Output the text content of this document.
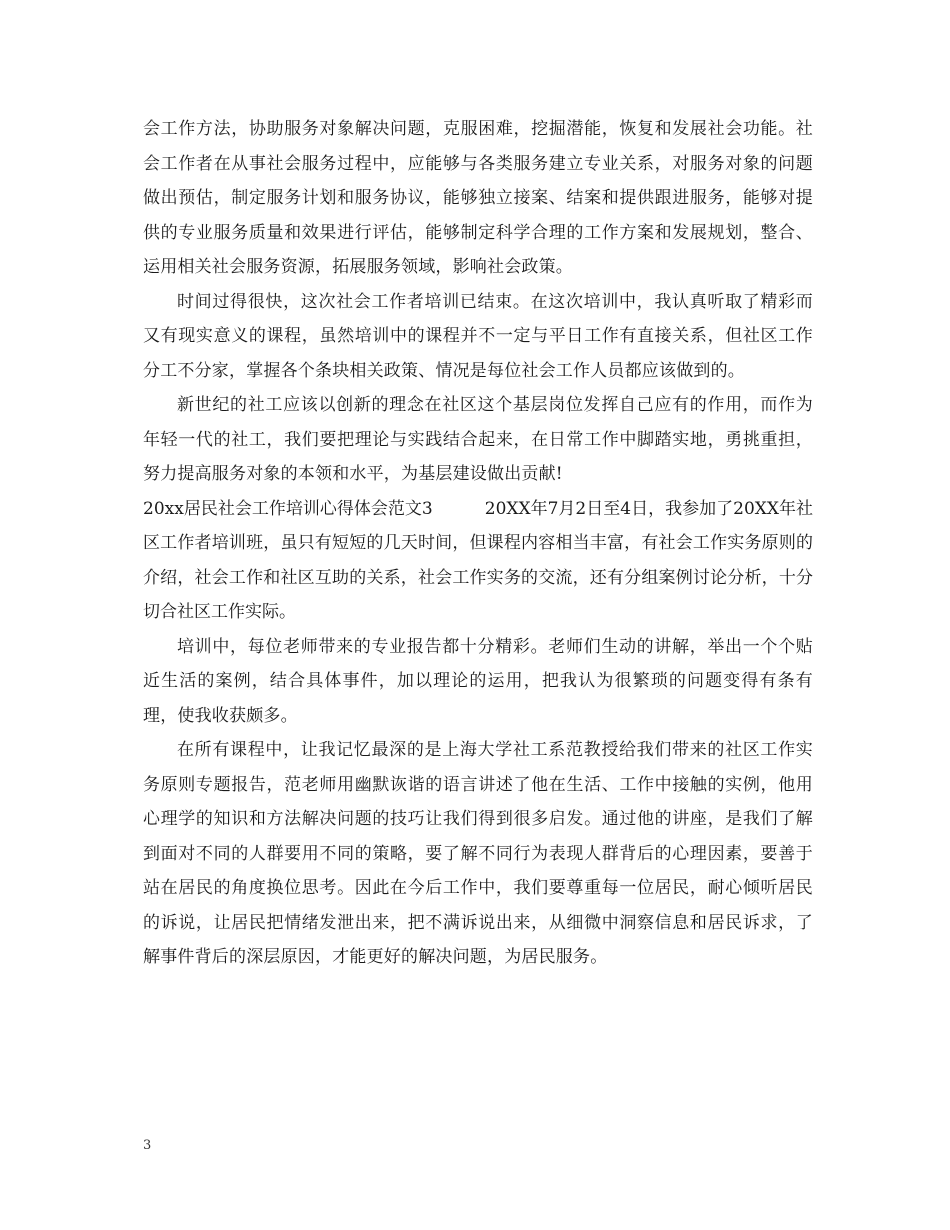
会工作方法，协助服务对象解决问题，克服困难，挖掘潜能，恢复和发展社会功能。社会工作者在从事社会服务过程中，应能够与各类服务建立专业关系，对服务对象的问题做出预估，制定服务计划和服务协议，能够独立接案、结案和提供跟进服务，能够对提供的专业服务质量和效果进行评估，能够制定科学合理的工作方案和发展规划，整合、运用相关社会服务资源，拓展服务领域，影响社会政策。

时间过得很快，这次社会工作者培训已结束。在这次培训中，我认真听取了精彩而又有现实意义的课程，虽然培训中的课程并不一定与平日工作有直接关系，但社区工作分工不分家，掌握各个条块相关政策、情况是每位社会工作人员都应该做到的。

新世纪的社工应该以创新的理念在社区这个基层岗位发挥自己应有的作用，而作为年轻一代的社工，我们要把理论与实践结合起来，在日常工作中脚踏实地，勇挑重担，努力提高服务对象的本领和水平，为基层建设做出贡献!

20xx居民社会工作培训心得体会范文3	20XX年7月2日至4日，我参加了20XX年社区工作者培训班，虽只有短短的几天时间，但课程内容相当丰富，有社会工作实务原则的介绍，社会工作和社区互助的关系，社会工作实务的交流，还有分组案例讨论分析，十分切合社区工作实际。

培训中，每位老师带来的专业报告都十分精彩。老师们生动的讲解，举出一个个贴近生活的案例，结合具体事件，加以理论的运用，把我认为很繁琐的问题变得有条有理，使我收获颇多。

在所有课程中，让我记忆最深的是上海大学社工系范教授给我们带来的社区工作实务原则专题报告，范老师用幽默诙谐的语言讲述了他在生活、工作中接触的实例，他用心理学的知识和方法解决问题的技巧让我们得到很多启发。通过他的讲座，是我们了解到面对不同的人群要用不同的策略，要了解不同行为表现人群背后的心理因素，要善于站在居民的角度换位思考。因此在今后工作中，我们要尊重每一位居民，耐心倾听居民的诉说，让居民把情绪发泄出来，把不满诉说出来，从细微中洞察信息和居民诉求，了解事件背后的深层原因，才能更好的解决问题，为居民服务。

3
